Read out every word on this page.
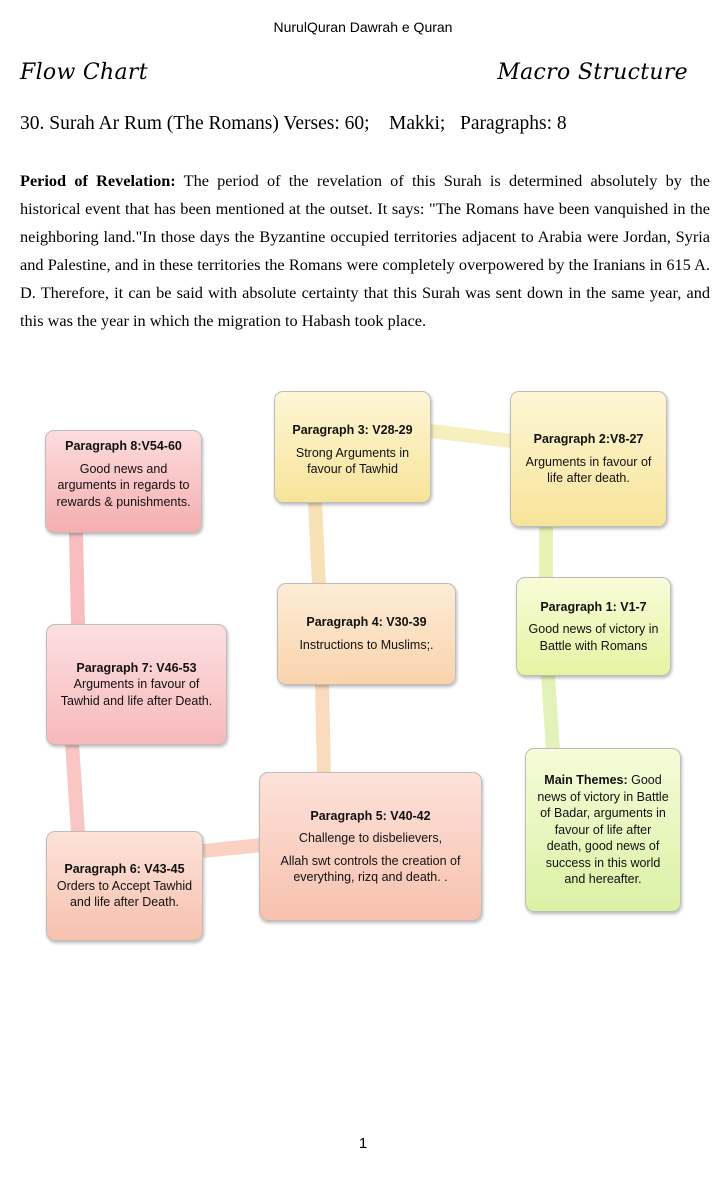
NurulQuran Dawrah e Quran
Flow Chart	Macro Structure
30. Surah Ar Rum (The Romans) Verses: 60;    Makki;   Paragraphs: 8
Period of Revelation: The period of the revelation of this Surah is determined absolutely by the historical event that has been mentioned at the outset. It says: "The Romans have been vanquished in the neighboring land."In those days the Byzantine occupied territories adjacent to Arabia were Jordan, Syria and Palestine, and in these territories the Romans were completely overpowered by the Iranians in 615 A. D. Therefore, it can be said with absolute certainty that this Surah was sent down in the same year, and this was the year in which the migration to Habash took place.
Main Themes: Good news of victory in Battle of Badar, arguments in favour of life after death, good news of success in this world and hereafter.
Paragraph 1: V1-7
Good news of victory in Battle with Romans
Paragraph 2:V8-27
Arguments in favour of life after death.
Paragraph 3: V28-29
Strong Arguments in favour of Tawhid
Paragraph 4: V30-39
Instructions to Muslims;.
Paragraph 5: V40-42
Challenge to disbelievers,
Allah swt controls the creation of everything, rizq and death. .
Paragraph 6: V43-45
Orders to Accept Tawhid and life after Death.
Paragraph 7: V46-53
Arguments in favour of Tawhid and life after Death.
Paragraph 8:V54-60
Good news and arguments in regards to rewards & punishments.
1
